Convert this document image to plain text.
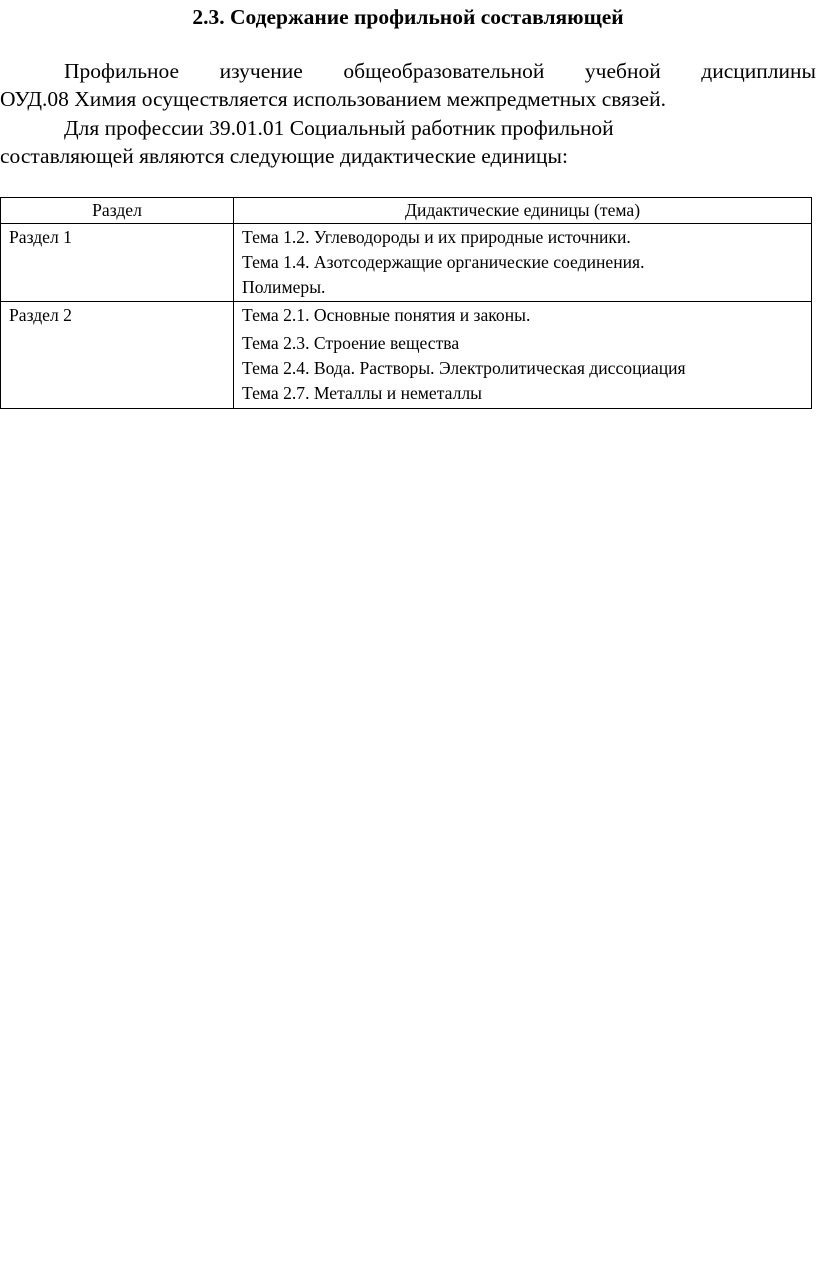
2.3. Содержание профильной составляющей
Профильное изучение общеобразовательной учебной дисциплины
ОУД.08 Химия осуществляется использованием межпредметных связей.
Для профессии 39.01.01 Социальный работник профильной
составляющей являются следующие дидактические единицы:
Раздел	Дидактические единицы (тема)
Раздел 1	Тема 1.2. Углеводороды и их природные источники.
Тема 1.4. Азотсодержащие органические соединения.
Полимеры.

Раздел 2	Тема 2.1. Основные понятия и законы.
Тема 2.3. Строение вещества
Тема 2.4. Вода. Растворы. Электролитическая диссоциация
Тема 2.7. Металлы и неметаллы
